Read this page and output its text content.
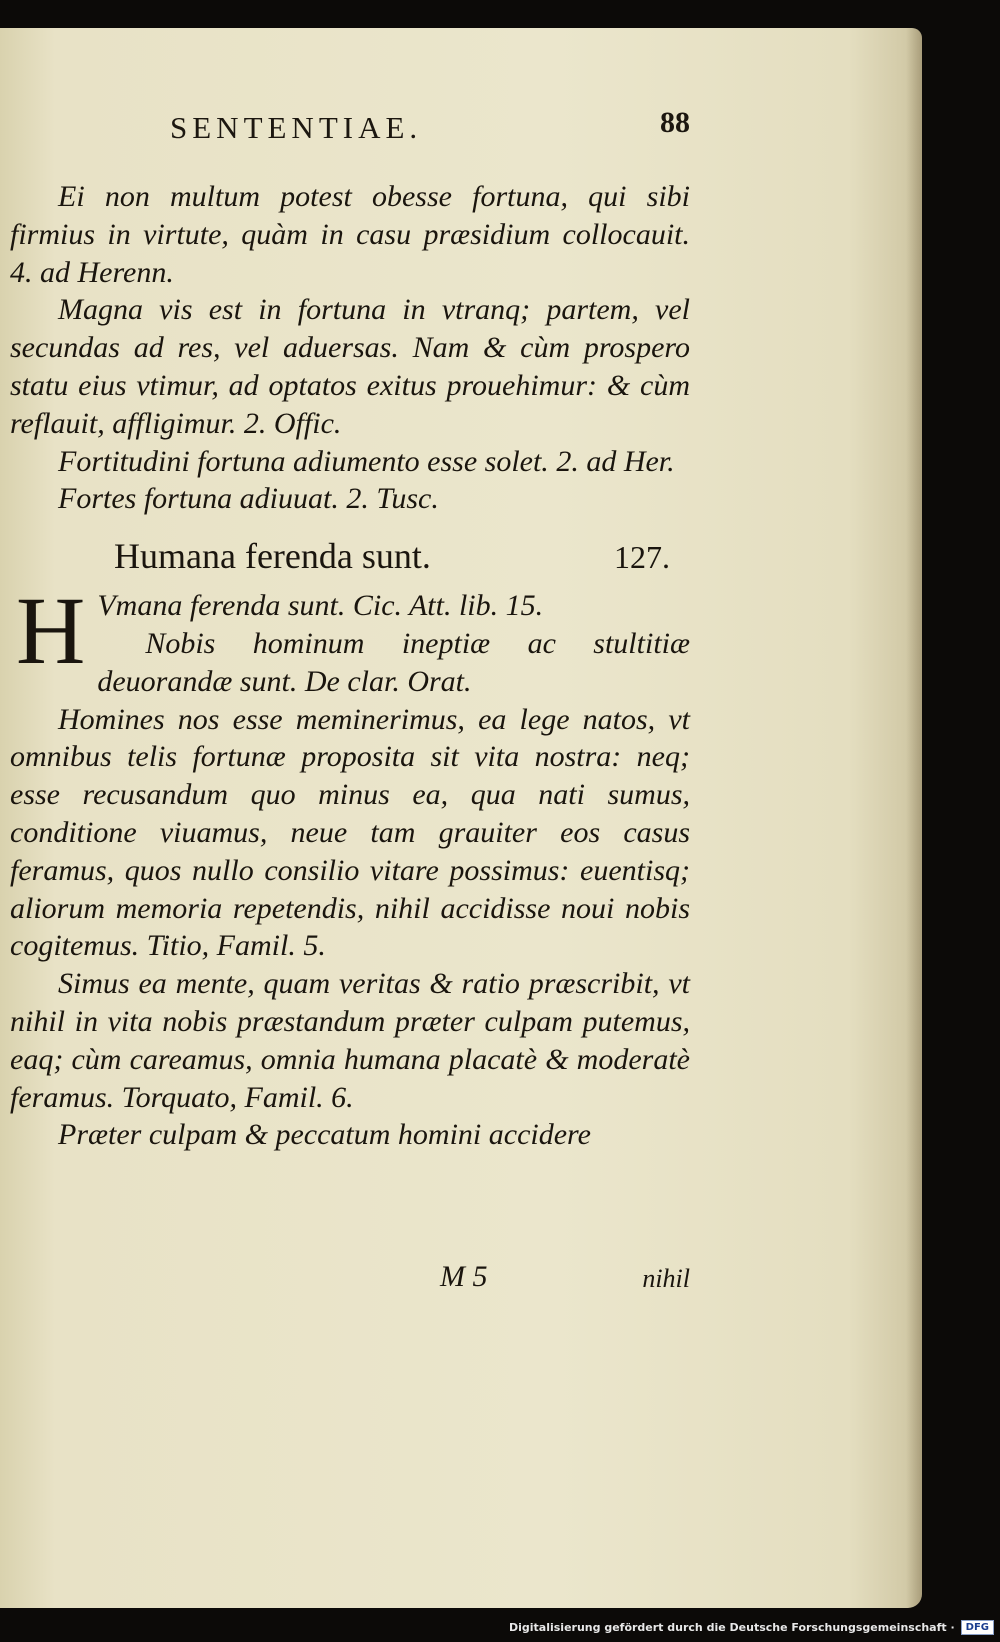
SENTENTIAE.	88

Ei non multum potest obesse fortuna, qui sibi firmius in virtute, quàm in casu præsidium collocauit. 4. ad Herenn.

Magna vis est in fortuna in vtranq; partem, vel secundas ad res, vel aduersas. Nam & cùm prospero statu eius vtimur, ad optatos exitus prouehimur: & cùm reflauit, affligimur. 2. Offic.

Fortitudini fortuna adiumento esse solet. 2. ad Her.

Fortes fortuna adiuuat. 2. Tusc.

Humana ferenda sunt.	127.

H Vmana ferenda sunt. Cic. Att. lib. 15.

Nobis hominum ineptiæ ac stultitiæ deuorandæ sunt. De clar. Orat.

Homines nos esse meminerimus, ea lege natos, vt omnibus telis fortunæ proposita sit vita nostra: neq; esse recusandum quo minus ea, qua nati sumus, conditione viuamus, neue tam grauiter eos casus feramus, quos nullo consilio vitare possimus: euentisq; aliorum memoria repetendis, nihil accidisse noui nobis cogitemus. Titio, Famil. 5.

Simus ea mente, quam veritas & ratio præscribit, vt nihil in vita nobis præstandum præter culpam putemus, eaq; cùm careamus, omnia humana placatè & moderatè feramus. Torquato, Famil. 6.

Præter culpam & peccatum homini accidere

M 5	nihil
Digitalisierung gefördert durch die Deutsche Forschungsgemeinschaft ·	DFG
